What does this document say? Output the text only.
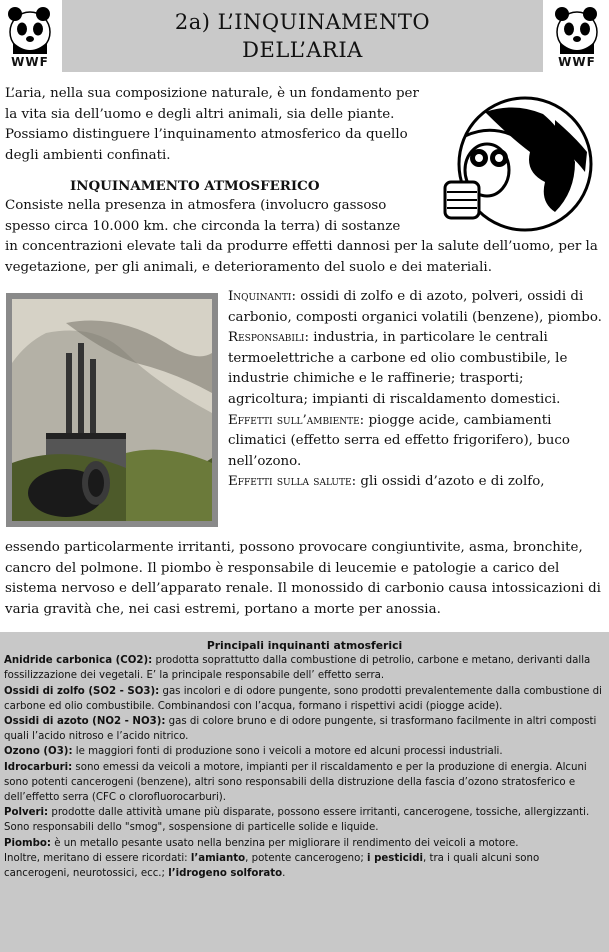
WWF
2a) L’INQUINAMENTO
DELL’ARIA	WWF

L’aria, nella sua composizione naturale, è un fondamento per la vita sia dell’uomo e degli altri animali, sia delle piante. Possiamo distinguere l’inquinamento atmosferico da quello degli ambienti confinati.

INQUINAMENTO ATMOSFERICO

Consiste nella presenza in atmosfera (involucro gassoso spesso circa 10.000 km. che circonda la terra) di sostanze

in concentrazioni elevate tali da produrre effetti dannosi per la salute dell’uomo, per la vegetazione, per gli animali, e deterioramento del suolo e dei materiali.

Inquinanti: ossidi di zolfo e di azoto, polveri, ossidi di carbonio, composti organici volatili (benzene), piombo.

Responsabili: industria, in particolare le centrali termoelettriche a carbone ed olio combustibile, le industrie chimiche e le raffinerie; trasporti; agricoltura; impianti di riscaldamento domestici.

Effetti sull’ambiente: piogge acide, cambiamenti climatici (effetto serra ed effetto frigorifero), buco nell’ozono.

Effetti sulla salute: gli ossidi d’azoto e di zolfo,

essendo particolarmente irritanti, possono provocare congiuntivite, asma, bronchite, cancro del polmone. Il piombo è responsabile di leucemie e patologie a carico del sistema nervoso e dell’apparato renale. Il monossido di carbonio causa intossicazioni di varia gravità che, nei casi estremi, portano a morte per anossia.

Principali inquinanti atmosferici

Anidride carbonica (CO2): prodotta soprattutto dalla combustione di petrolio, carbone e metano, derivanti dalla fossilizzazione dei vegetali. E’ la principale responsabile dell’ effetto serra.

Ossidi di zolfo (SO2 - SO3): gas incolori e di odore pungente, sono prodotti prevalentemente dalla combustione di carbone ed olio combustibile. Combinandosi con l’acqua, formano i rispettivi acidi (piogge acide).

Ossidi di azoto (NO2 - NO3): gas di colore bruno e di odore pungente, si trasformano facilmente in altri composti quali l’acido nitroso e l’acido nitrico.

Ozono (O3): le maggiori fonti di produzione sono i veicoli a motore ed alcuni processi industriali.

Idrocarburi: sono emessi da veicoli a motore, impianti per il riscaldamento e per la produzione di energia. Alcuni sono potenti cancerogeni (benzene), altri sono responsabili della distruzione della fascia d’ozono stratosferico e dell’effetto serra (CFC o clorofluorocarburi).

Polveri: prodotte dalle attività umane più disparate, possono essere irritanti, cancerogene, tossiche, allergizzanti. Sono responsabili dello "smog", sospensione di particelle solide e liquide.

Piombo: è un metallo pesante usato nella benzina per migliorare il rendimento dei veicoli a motore.

Inoltre, meritano di essere ricordati: l’amianto, potente cancerogeno; i pesticidi, tra i quali alcuni sono cancerogeni, neurotossici, ecc.; l’idrogeno solforato.
